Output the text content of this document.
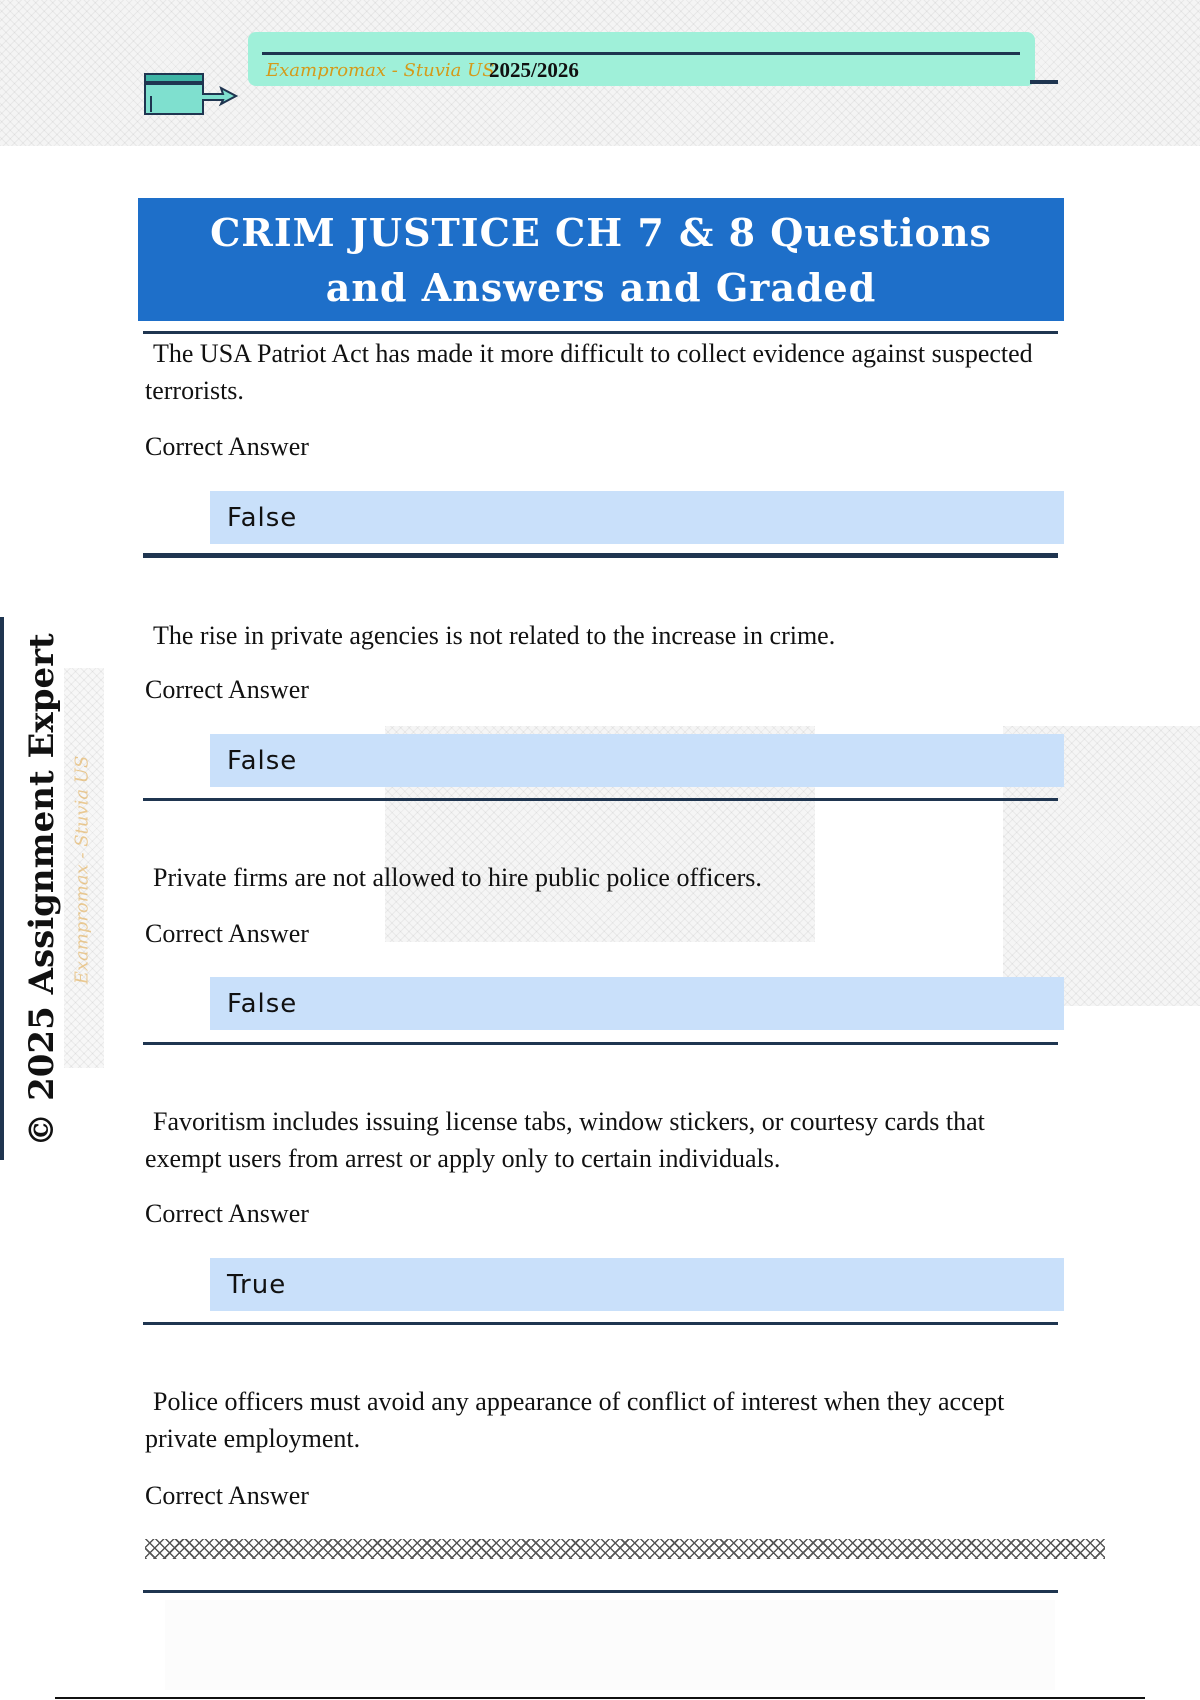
Exampromax - Stuvia US
2025/2026
© 2025 Assignment Expert Exampromax - Stuvia US
CRIM JUSTICE CH 7 & 8 Questions and Answers and Graded
The USA Patriot Act has made it more difficult to collect evidence against suspected terrorists.
Correct Answer
False
The rise in private agencies is not related to the increase in crime.
Correct Answer
False
Private firms are not allowed to hire public police officers.
Correct Answer
False
Favoritism includes issuing license tabs, window stickers, or courtesy cards that exempt users from arrest or apply only to certain individuals.
Correct Answer
True
Police officers must avoid any appearance of conflict of interest when they accept private employment.
Correct Answer
